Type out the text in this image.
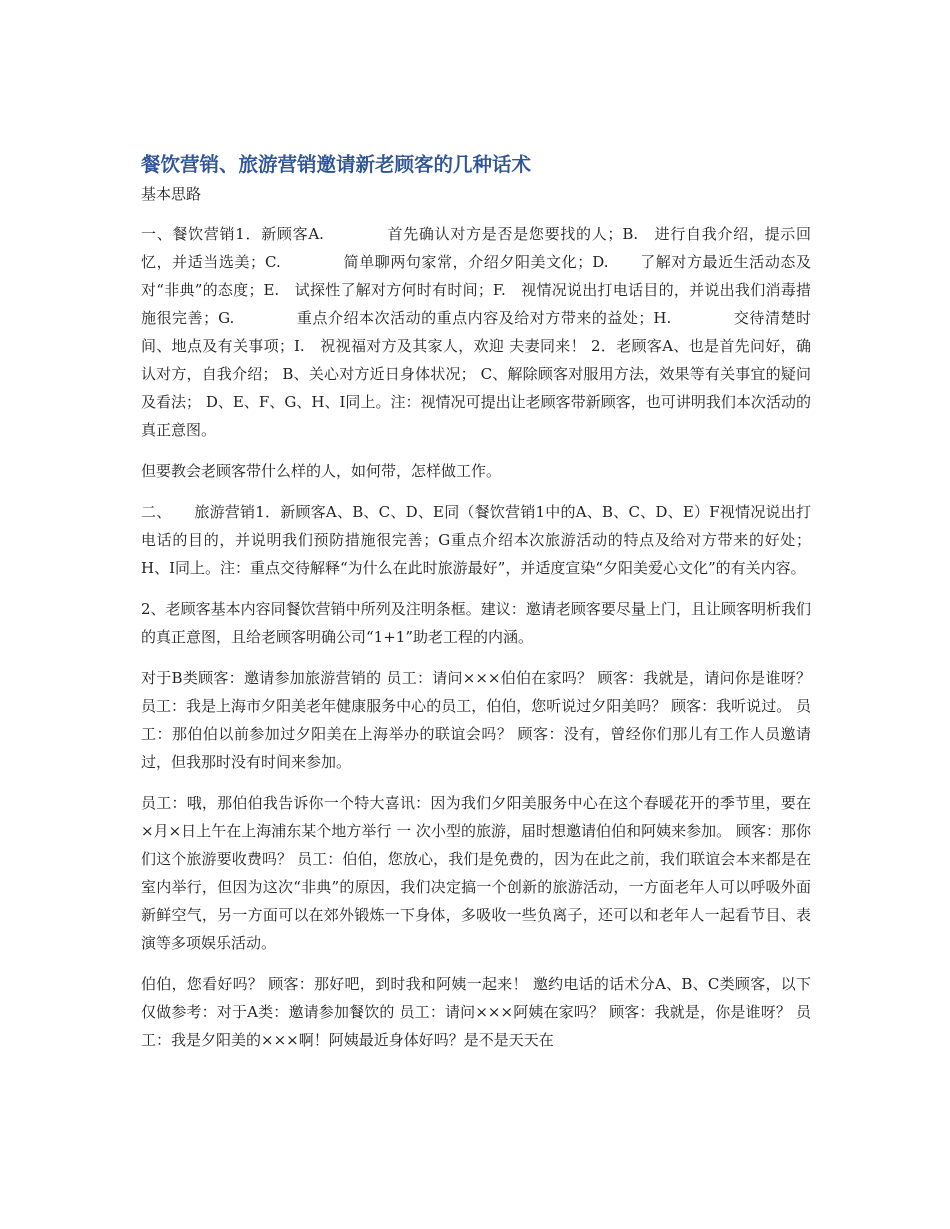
餐饮营销、旅游营销邀请新老顾客的几种话术

基本思路

一、餐饮营销1．新顾客A.　　　　首先确认对方是否是您要找的人；B.　进行自我介绍，提示回忆，并适当选美；C.　　　　简单聊两句家常，介绍夕阳美文化；D.　　了解对方最近生活动态及对“非典”的态度；E.　试探性了解对方何时有时间；F.　视情况说出打电话目的，并说出我们消毒措施很完善；G.　　　　重点介绍本次活动的重点内容及给对方带来的益处；H.　　　　交待清楚时间、地点及有关事项；I.　祝视福对方及其家人，欢迎 夫妻同来！ 2．老顾客A、也是首先问好，确认对方，自我介绍； B、关心对方近日身体状况； C、解除顾客对服用方法，效果等有关事宜的疑问及看法； D、E、F、G、H、I同上。注：视情况可提出让老顾客带新顾客，也可讲明我们本次活动的真正意图。

但要教会老顾客带什么样的人，如何带，怎样做工作。

二、　　旅游营销1．新顾客A、B、C、D、E同（餐饮营销1中的A、B、C、D、E）F视情况说出打电话的目的，并说明我们预防措施很完善；G重点介绍本次旅游活动的特点及给对方带来的好处；H、I同上。注：重点交待解释“为什么在此时旅游最好”，并适度宣染“夕阳美爱心文化”的有关内容。

2、老顾客基本内容同餐饮营销中所列及注明条框。建议：邀请老顾客要尽量上门，且让顾客明析我们的真正意图，且给老顾客明确公司“1+1”助老工程的内涵。

对于B类顾客：邀请参加旅游营销的 员工：请问×××伯伯在家吗？ 顾客：我就是，请问你是谁呀？ 员工：我是上海市夕阳美老年健康服务中心的员工，伯伯，您听说过夕阳美吗？ 顾客：我听说过。 员工：那伯伯以前参加过夕阳美在上海举办的联谊会吗？ 顾客：没有，曾经你们那儿有工作人员邀请过，但我那时没有时间来参加。

员工：哦，那伯伯我告诉你一个特大喜讯：因为我们夕阳美服务中心在这个春暖花开的季节里，要在×月×日上午在上海浦东某个地方举行 一 次小型的旅游，届时想邀请伯伯和阿姨来参加。 顾客：那你们这个旅游要收费吗？ 员工：伯伯，您放心，我们是免费的，因为在此之前，我们联谊会本来都是在室内举行，但因为这次“非典”的原因，我们决定搞一个创新的旅游活动，一方面老年人可以呼吸外面新鲜空气，另一方面可以在郊外锻炼一下身体，多吸收一些负离子，还可以和老年人一起看节目、表演等多项娱乐活动。

伯伯，您看好吗？ 顾客：那好吧，到时我和阿姨一起来！ 邀约电话的话术分A、B、C类顾客，以下仅做参考：对于A类：邀请参加餐饮的 员工：请问×××阿姨在家吗？ 顾客：我就是，你是谁呀？ 员工：我是夕阳美的×××啊！阿姨最近身体好吗？是不是天天在
